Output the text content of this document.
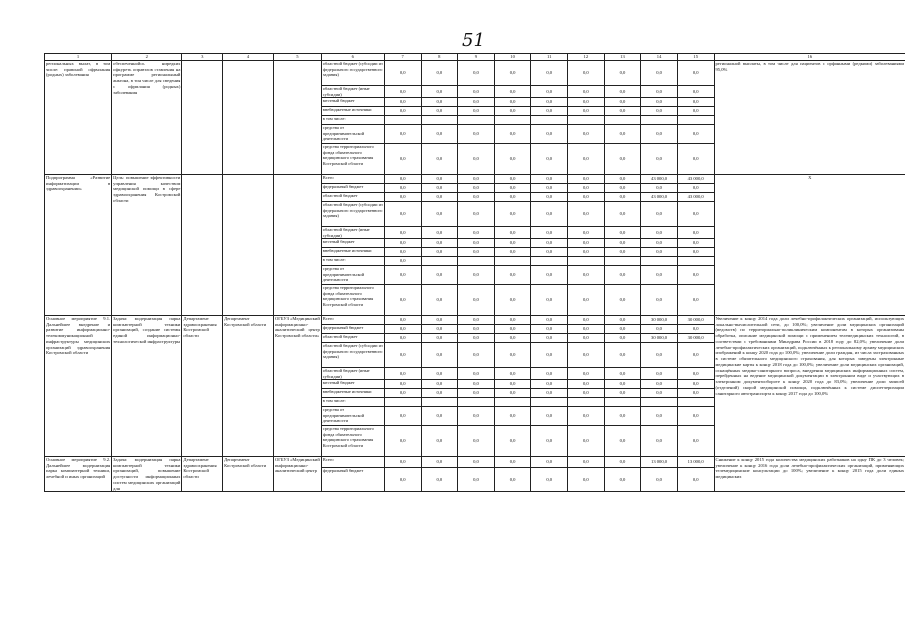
51
1	2	3	4	5	6	7	8	9	10	11	12	13	14	15	16
региональных вылат, в том числе: правоной офрмлания (родных) заболевания	обеспеченнойсь ниредких офкуреть оправтлов ставления на программе регионалыный аньтона, в тон числе для сведения с офрмлания (родных) заболевания				областной бюджет (субсидии из федерального государственного задания)	0,0	0,0	0,0	0,0	0,0	0,0	0,0	0,0	0,0	регионалной выплаты, в том числе для пациентов с орфанными (редкими) заболеваниями 95,0%
					областной бюджет (иные субсидии)	0,0	0,0	0,0	0,0	0,0	0,0	0,0	0,0	0,0	
					местный бюджет	0,0	0,0	0,0	0,0	0,0	0,0	0,0	0,0	0,0	
					внебюджетные источники	0,0	0,0	0,0	0,0	0,0	0,0	0,0	0,0	0,0	
					в том числе:										
					средства от предпринимательской деятельности	0,0	0,0	0,0	0,0	0,0	0,0	0,0	0,0	0,0	
					средства территориального фонда обязательного медицинского страхования Костромской области	0,0	0,0	0,0	0,0	0,0	0,0	0,0	0,0	0,0	
Подпрограмма «Развитие информатизации в здравоохранении»	Цель: повышение эффективности управления качеством медицинской помощи в сфере здравоохранения Костромской области				Всего	0,0	0,0	0,0	0,0	0,0	0,0	0,0	43 000,0	43 000,0	Х
					федеральный бюджет	0,0	0,0	0,0	0,0	0,0	0,0	0,0	0,0	0,0	
					областной бюджет	0,0	0,0	0,0	0,0	0,0	0,0	0,0	43 000,0	43 000,0	
					областной бюджет (субсидии из федерального государственного задания)	0,0	0,0	0,0	0,0	0,0	0,0	0,0	0,0	0,0	
					областной бюджет (иные субсидии)	0,0	0,0	0,0	0,0	0,0	0,0	0,0	0,0	0,0	
					местный бюджет	0,0	0,0	0,0	0,0	0,0	0,0	0,0	0,0	0,0	
					внебюджетные источники	0,0	0,0	0,0	0,0	0,0	0,0	0,0	0,0	0,0	
					в том числе:	0,0									
					средства от предпринимательской деятельности	0,0	0,0	0,0	0,0	0,0	0,0	0,0	0,0	0,0	
					средства территориального фонда обязательного медицинского страхования Костромской области	0,0	0,0	0,0	0,0	0,0	0,0	0,0	0,0	0,0	
Основное мероприятие 9.1. Дальнейшее внедрение и развитие информационно-телекоммуникационной инфраструктуры медицинских организаций здравоохранения Костромской области	Задача: модернизация парка компьютерной техники организаций, создание системы единой информационно-технологической инфраструктуры	Департамент здравоохранения Костромской области	Департамент Костромской области	ОГБУЗ «Медицинский информационно-аналитический центр Костромской области»	Всего	0,0	0,0	0,0	0,0	0,0	0,0	0,0	30 000,0	30 000,0	Увеличение к концу 2014 года доли лечебно-профилактических организаций, использующих локально-вычислительной сети, до 100,0%; увеличение доли медицинских организаций (ведомств) по территориально-поликлиническим компонентам в которых организованы обработка, описание медицинской помощи с применением телемедицинских технологий, в соответствии с требованиями Минздрава России в 2018 году до 82,0%; увеличение доли лечебно-профилактических организаций, подключённых к региональному архиву медицинских изображений к концу 2020 года до 100,0%; увеличение доли граждан, из числа застрахованных в системе обязательного медицинского страхования, для которых заведены электронные медицинские карты к концу 2018 года до 100,0%; увеличение доли медицинских организаций, оснащённых медико-санитарного вопроса, внедрения медицинских информационных систем, перейденных на ведение медицинской документации в электронном виде и участвующих в электронном документообороте к концу 2020 года до 83,0%; увеличение доли записей (отделений) скорой медицинской помощи, подключённых к системе диспетчеризации санитарного автотранспорта к концу 2017 года до 100,0%
					федеральный бюджет	0,0	0,0	0,0	0,0	0,0	0,0	0,0	0,0	0,0	
					областной бюджет	0,0	0,0	0,0	0,0	0,0	0,0	0,0	30 000,0	30 000,0	
					областной бюджет (субсидии из федерального государственного задания)	0,0	0,0	0,0	0,0	0,0	0,0	0,0	0,0	0,0	
					областной бюджет (иные субсидии)	0,0	0,0	0,0	0,0	0,0	0,0	0,0	0,0	0,0	
					местный бюджет	0,0	0,0	0,0	0,0	0,0	0,0	0,0	0,0	0,0	
					внебюджетные источники	0,0	0,0	0,0	0,0	0,0	0,0	0,0	0,0	0,0	
					в том числе:										
					средства от предпринимательской деятельности	0,0	0,0	0,0	0,0	0,0	0,0	0,0	0,0	0,0	
					средства территориального фонда обязательного медицинского страхования Костромской области	0,0	0,0	0,0	0,0	0,0	0,0	0,0	0,0	0,0	
Основное мероприятие 9.2. Дальнейшее модернизация парка компьютерной техники, лечебной и иных организаций	Задача: модернизация парка компьютерной техники организаций, повышение доступности информационных систем медицинских организаций для	Департамент здравоохранения Костромской области	Департамент Костромской области	ОГБУЗ «Медицинский информационно-аналитический центр	Всего	0,0	0,0	0,0	0,0	0,0	0,0	0,0	13 000,0	13 000,0	Снижение к концу 2015 года количества медицинских работников на одну ПК до 3 человек; увеличение к концу 2016 года доли лечебно-профилактических организаций, применяющих телемедицинские консультации до 100%; увеличение к концу 2015 года доли единых медицинских
					федеральный бюджет	0,0	0,0	0,0	0,0	0,0	0,0	0,0	0,0	0,0	
